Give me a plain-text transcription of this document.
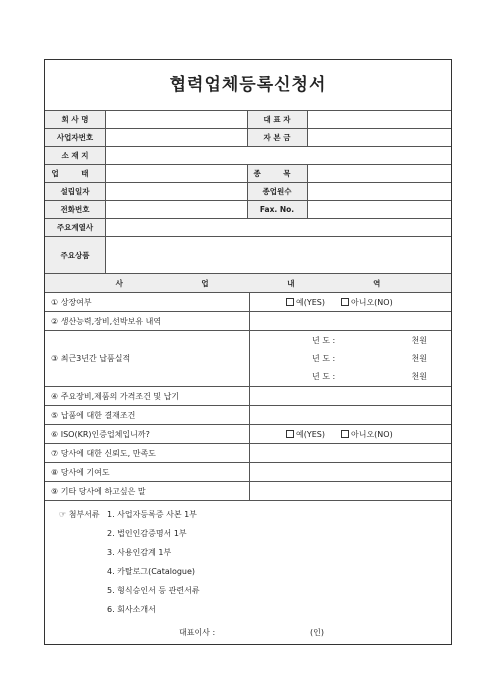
협력업체등록신청서
회 사 명	대 표 자
사업자번호	자 본 금
소 재 지
업 태	종 목
설립일자	종업원수
전화번호	Fax. No.
주요계열사
주요상품
사 업 내 역
① 상장여부	예(YES)	아니오(NO)
② 생산능력,장비,선박보유 내역
③ 최근3년간 납품실적
년 도 :	천원
년 도 :	천원
년 도 :	천원
④ 주요장비,제품의 가격조건 및 납기
⑤ 납품에 대한 결재조건
⑥ ISO(KR)인증업체입니까?	예(YES)	아니오(NO)
⑦ 당사에 대한 신뢰도, 만족도
⑧ 당사에 기여도
⑨ 기타 당사에 하고싶은 말
☞ 첨부서류 1. 사업자등록증 사본 1부
2. 법인인감증명서 1부
3. 사용인감계 1부
4. 카탈로그(Catalogue)
5. 형식승인서 등 관련서류
6. 회사소개서
대표이사 :	(인)
